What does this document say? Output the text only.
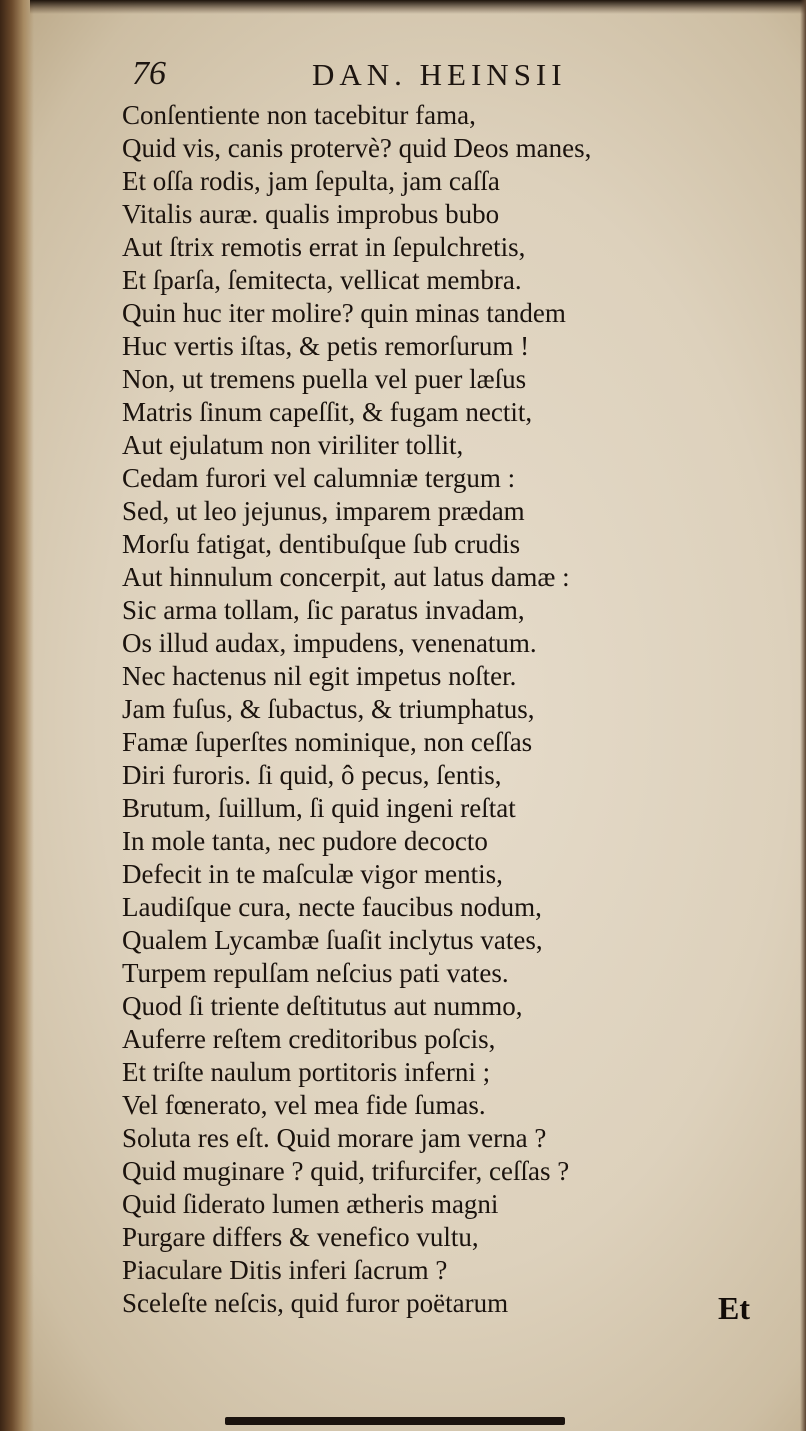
76	DAN. HEINSII
Conſentiente non tacebitur fama,
Quid vis, canis protervè? quid Deos manes,
Et oſſa rodis, jam ſepulta, jam caſſa
Vitalis auræ. qualis improbus bubo
Aut ſtrix remotis errat in ſepulchretis,
Et ſparſa, ſemitecta, vellicat membra.
Quin huc iter molire? quin minas tandem
Huc vertis iſtas, & petis remorſurum !
Non, ut tremens puella vel puer læſus
Matris ſinum capeſſit, & fugam nectit,
Aut ejulatum non viriliter tollit,
Cedam furori vel calumniæ tergum :
Sed, ut leo jejunus, imparem prædam
Morſu fatigat, dentibuſque ſub crudis
Aut hinnulum concerpit, aut latus damæ :
Sic arma tollam, ſic paratus invadam,
Os illud audax, impudens, venenatum.
Nec hactenus nil egit impetus noſter.
Jam fuſus, & ſubactus, & triumphatus,
Famæ ſuperſtes nominique, non ceſſas
Diri furoris. ſi quid, ô pecus, ſentis,
Brutum, ſuillum, ſi quid ingeni reſtat
In mole tanta, nec pudore decocto
Defecit in te maſculæ vigor mentis,
Laudiſque cura, necte faucibus nodum,
Qualem Lycambæ ſuaſit inclytus vates,
Turpem repulſam neſcius pati vates.
Quod ſi triente deſtitutus aut nummo,
Auferre reſtem creditoribus poſcis,
Et triſte naulum portitoris inferni ;
Vel fœnerato, vel mea fide ſumas.
Soluta res eſt. Quid morare jam verna ?
Quid muginare ? quid, trifurcifer, ceſſas ?
Quid ſiderato lumen ætheris magni
Purgare differs & venefico vultu,
Piaculare Ditis inferi ſacrum ?
Sceleſte neſcis, quid furor poëtarum	Et
